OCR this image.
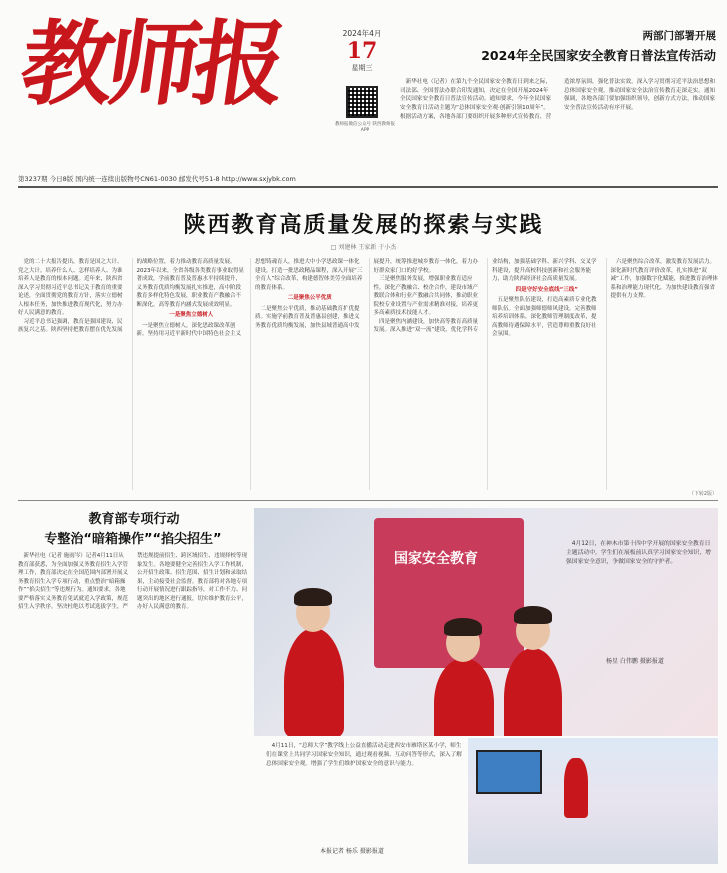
教师报	2024年4月
17
星期三
教师报微信公众号 陕西教师报APP
两部门部署开展
2024年全民国家安全教育日普法宣传活动
新华社电（记者）在第九个全民国家安全教育日到来之际，司法部、全国普法办联合印发通知，决定在全国开展2024年全民国家安全教育日普法宣传活动。通知要求，今年全民国家安全教育日活动主题为“总体国家安全观·创新引领10周年”。根据活动方案，各地各部门要组织开展多种形式宣传教育，营造浓厚氛围，强化普法实效，深入学习贯彻习近平法治思想和总体国家安全观，推动国家安全法治宣传教育走深走实。通知强调，各地各部门要加强组织领导，创新方式方法，推动国家安全普法宣传活动有序开展。
第3237期 今日8版 国内统一连续出版物号CN61-0030 邮发代号51-8 http://www.sxjybk.com
陕西教育高质量发展的探索与实践
□ 刘建林 王家新 于小杰

党的二十大报告提出，教育是国之大计、党之大计。培养什么人、怎样培养人、为谁培养人是教育的根本问题。近年来，陕西省深入学习贯彻习近平总书记关于教育的重要论述，全面贯彻党的教育方针，落实立德树人根本任务，加快推进教育现代化，努力办好人民满意的教育。

习近平总书记强调，教育是强国建设、民族复兴之基。陕西坚持把教育摆在优先发展的战略位置，着力推动教育高质量发展。2023年以来，全省各级各类教育事业取得显著成效，学前教育普及普惠水平持续提升，义务教育优质均衡发展扎实推进，高中阶段教育多样化特色发展，职业教育产教融合不断深化，高等教育内涵式发展成效明显。

一是聚焦立德树人

一是聚焦立德树人，深化思政课改革创新。坚持用习近平新时代中国特色社会主义思想铸魂育人，推进大中小学思政课一体化建设，打造一批思政精品课程，深入开展“三全育人”综合改革，构建德智体美劳全面培养的教育体系。

二是聚焦公平优质

二是聚焦公平优质，推动基础教育扩优提质。实施学前教育普及普惠县创建，推进义务教育优质均衡发展，加快县域普通高中发展提升，统筹推进城乡教育一体化，着力办好群众家门口的好学校。

三是聚焦服务发展，增强职业教育适应性。深化产教融合、校企合作，建设市域产教联合体和行业产教融合共同体，推动职业院校专业设置与产业需求精准对接，培养更多高素质技术技能人才。

四是聚焦内涵建设，加快高等教育高质量发展。深入推进“双一流”建设，优化学科专业结构，加强基础学科、新兴学科、交叉学科建设，提升高校科技创新和社会服务能力，助力陕西经济社会高质量发展。

四是守好安全底线“三线”

五是聚焦队伍建设，打造高素质专业化教师队伍。全面加强师德师风建设，完善教师培养培训体系，深化教师管理制度改革，提高教师待遇保障水平，营造尊师重教良好社会氛围。

六是聚焦综合改革，激发教育发展活力。深化新时代教育评价改革，扎实推进“双减”工作，加强数字化赋能，推进教育治理体系和治理能力现代化，为加快建设教育强省提供有力支撑。

（下转2版）
教育部专项行动
专整治“暗箱操作”“掐尖招生”
新华社电（记者 施雨岑）记者4月11日从教育部获悉，为全面加强义务教育招生入学管理工作，教育部决定在全国范围内部署开展义务教育招生入学专项行动，重点整治“暗箱操作”“掐尖招生”等违规行为。通知要求，各地要严格落实义务教育免试就近入学政策，规范招生入学秩序，坚决杜绝以考试选拔学生，严禁违规提前招生、跨区域招生、违规择校等现象发生。各地要健全完善招生入学工作机制，公开招生政策、招生范围、招生计划和录取结果，主动接受社会监督。教育部将对各地专项行动开展情况进行跟踪指导，对工作不力、问题突出的地区进行通报，切实维护教育公平，办好人民满意的教育。
国家安全教育
4月12日，在神木市第十四中学开展的国家安全教育日主题活动中，学生们在展板前认真学习国家安全知识，增强国家安全意识，争做国家安全的守护者。
杨星 白伟鹏 摄影报道
4月11日，“总师大学”教学线上公益直播活动走进西安市雁塔区某小学，师生们在课堂上共同学习国家安全知识，通过观看视频、互动问答等形式，深入了解总体国家安全观，增强了学生们维护国家安全的意识与能力。
本报记者 杨乐 摄影报道
